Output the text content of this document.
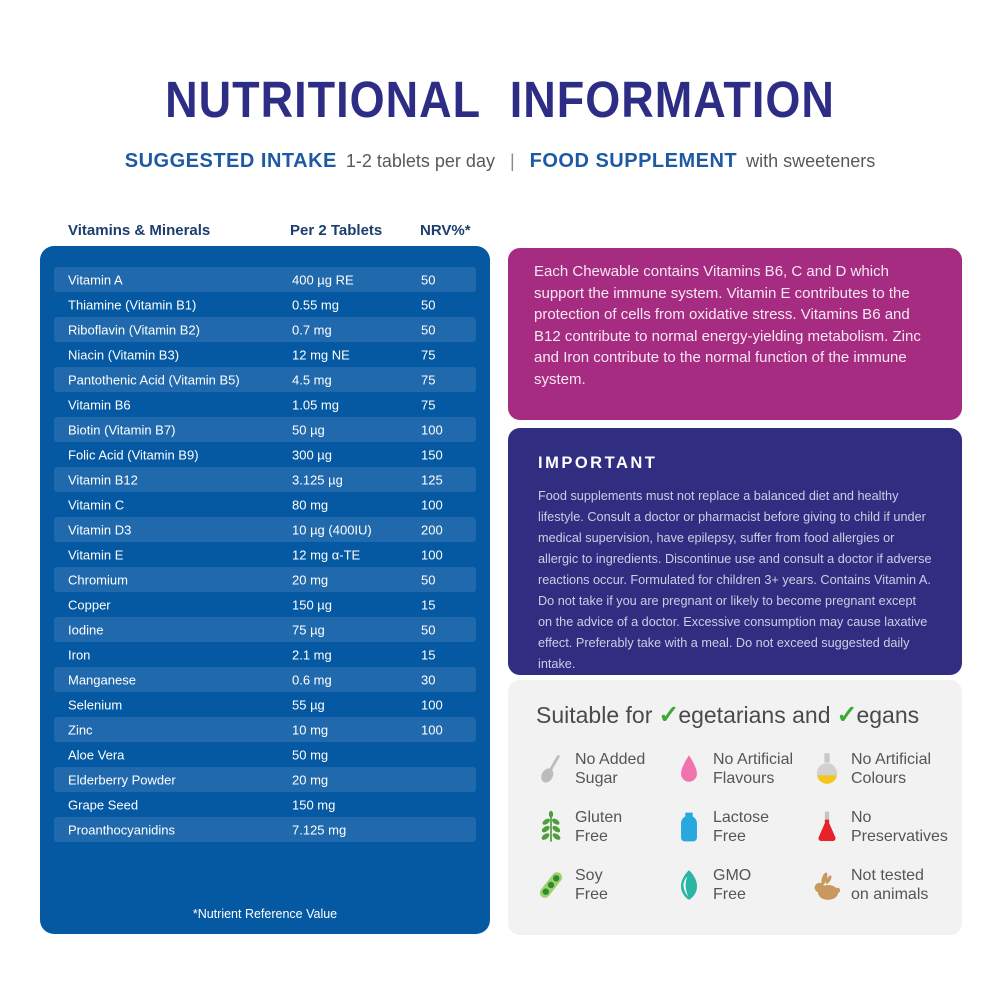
NUTRITIONAL INFORMATION
SUGGESTED INTAKE 1-2 tablets per day | FOOD SUPPLEMENT with sweeteners
Vitamins & Minerals	Per 2 Tablets	NRV%*
Vitamin A	400 µg RE	50
Thiamine (Vitamin B1)	0.55 mg	50
Riboflavin (Vitamin B2)	0.7 mg	50
Niacin (Vitamin B3)	12 mg NE	75
Pantothenic Acid (Vitamin B5)	4.5 mg	75
Vitamin B6	1.05 mg	75
Biotin (Vitamin B7)	50 µg	100
Folic Acid (Vitamin B9)	300 µg	150
Vitamin B12	3.125 µg	125
Vitamin C	80 mg	100
Vitamin D3	10 µg (400IU)	200
Vitamin E	12 mg α-TE	100
Chromium	20 mg	50
Copper	150 µg	15
Iodine	75 µg	50
Iron	2.1 mg	15
Manganese	0.6 mg	30
Selenium	55 µg	100
Zinc	10 mg	100
Aloe Vera	50 mg
Elderberry Powder	20 mg
Grape Seed	150 mg
Proanthocyanidins	7.125 mg
*Nutrient Reference Value
Each Chewable contains Vitamins B6, C and D which support the immune system. Vitamin E contributes to the protection of cells from oxidative stress. Vitamins B6 and B12 contribute to normal energy-yielding metabolism. Zinc and Iron contribute to the normal function of the immune system.
IMPORTANT
Food supplements must not replace a balanced diet and healthy lifestyle. Consult a doctor or pharmacist before giving to child if under medical supervision, have epilepsy, suffer from food allergies or allergic to ingredients. Discontinue use and consult a doctor if adverse reactions occur. Formulated for children 3+ years. Contains Vitamin A. Do not take if you are pregnant or likely to become pregnant except on the advice of a doctor. Excessive consumption may cause laxative effect. Preferably take with a meal. Do not exceed suggested daily intake.
Suitable for ✓egetarians and ✓egans
No Added
Sugar
No Artificial
Flavours
No Artificial
Colours
Gluten
Free
Lactose
Free
No
Preservatives
Soy
Free
GMO
Free
Not tested
on animals
